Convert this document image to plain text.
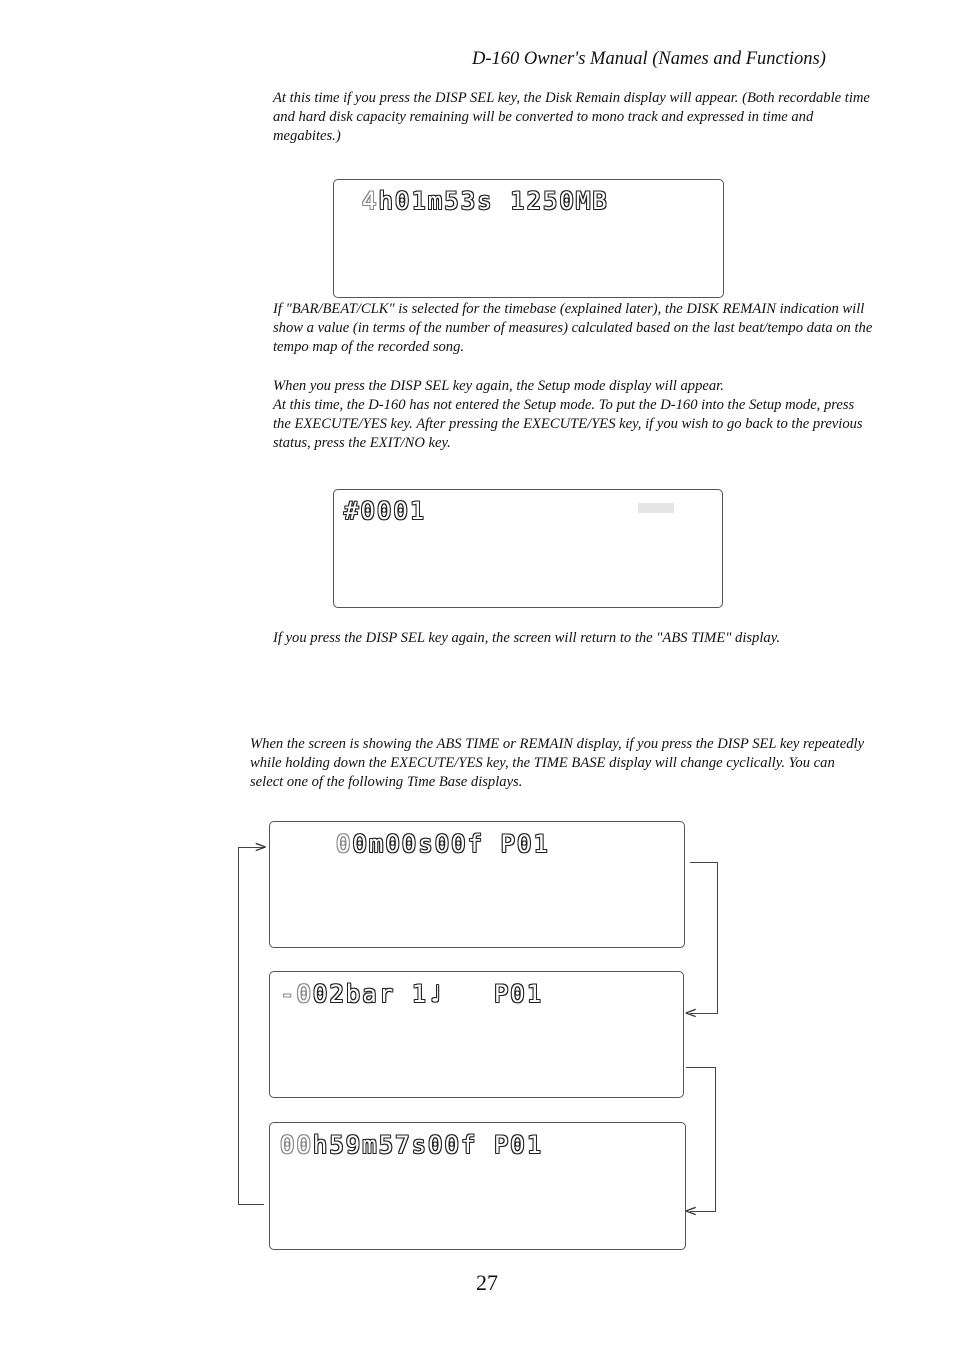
D-160 Owner's Manual (Names and Functions)

At this time if you press the DISP SEL key, the Disk Remain display will appear. (Both recordable time and hard disk capacity remaining will be converted to mono track and expressed in time and megabites.)

4h01m53s 1250MB

If "BAR/BEAT/CLK" is selected for the timebase (explained later), the DISK REMAIN indication will show a value (in terms of the number of measures) calculated based on the last beat/tempo data on the tempo map of the recorded song.

When you press the DISP SEL key again, the Setup mode display will appear.

At this time, the D-160 has not entered the Setup mode. To put the D-160 into the Setup mode, press the EXECUTE/YES key. After pressing the EXECUTE/YES key, if you wish to go back to the previous status, press the EXIT/NO key.

#0001

If you press the DISP SEL key again, the screen will return to the "ABS TIME" display.

When the screen is showing the ABS TIME or REMAIN display, if you press the DISP SEL key repeatedly while holding down the EXECUTE/YES key, the TIME BASE display will change cyclically. You can select one of the following Time Base displays.

00m00s00f P01
-002bar 1♩   P01
00h59m57s00f P01
<
<
>
27
